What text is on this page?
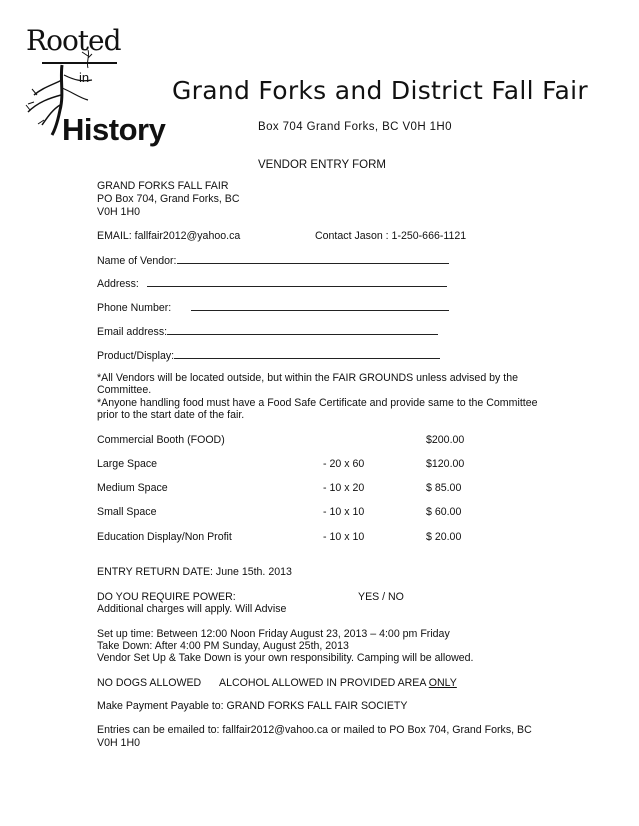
Rooted
in
History
Grand Forks and District Fall Fair
Box 704 Grand Forks, BC V0H 1H0
VENDOR ENTRY FORM
GRAND FORKS FALL FAIR
PO Box 704, Grand Forks, BC
V0H 1H0
EMAIL: fallfair2012@yahoo.ca	Contact Jason : 1-250-666-1121
Name of Vendor:
Address:
Phone Number:
Email address:
Product/Display:
*All Vendors will be located outside, but within the FAIR GROUNDS unless advised by the Committee.
*Anyone handling food must have a Food Safe Certificate and provide same to the Committee prior to the start date of the fair.
Commercial Booth (FOOD)	$200.00
Large Space	- 20 x 60	$120.00
Medium Space	- 10 x 20	$ 85.00
Small Space	- 10 x 10	$ 60.00
Education Display/Non Profit	- 10 x 10	$ 20.00
ENTRY RETURN DATE: June 15th. 2013
DO YOU REQUIRE POWER:	YES / NO
Additional charges will apply. Will Advise
Set up time: Between 12:00 Noon Friday August 23, 2013 – 4:00 pm Friday
Take Down: After 4:00 PM Sunday, August 25th, 2013
Vendor Set Up & Take Down is your own responsibility. Camping will be allowed.
NO DOGS ALLOWED ALCOHOL ALLOWED IN PROVIDED AREA ONLY
Make Payment Payable to: GRAND FORKS FALL FAIR SOCIETY
Entries can be emailed to: fallfair2012@vahoo.ca or mailed to PO Box 704, Grand Forks, BC
V0H 1H0
